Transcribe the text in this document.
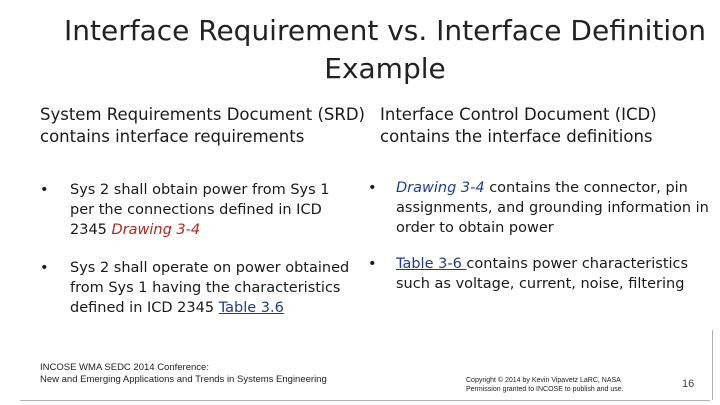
Interface Requirement vs. Interface Definition
Example
System Requirements Document (SRD)
contains interface requirements
Interface Control Document (ICD)
contains the interface definitions
• Sys 2 shall obtain power from Sys 1
per the connections defined in ICD
2345 Drawing 3-4
• Sys 2 shall operate on power obtained
from Sys 1 having the characteristics
defined in ICD 2345 Table 3.6
• Drawing 3-4 contains the connector, pin
assignments, and grounding information in
order to obtain power
• Table 3-6 contains power characteristics
such as voltage, current, noise, filtering
INCOSE WMA SEDC 2014 Conference:
New and Emerging Applications and Trends in Systems Engineering	Copyright © 2014 by Kevin Vipavetz LaRC, NASA
Permission granted to INCOSE to publish and use.	16
